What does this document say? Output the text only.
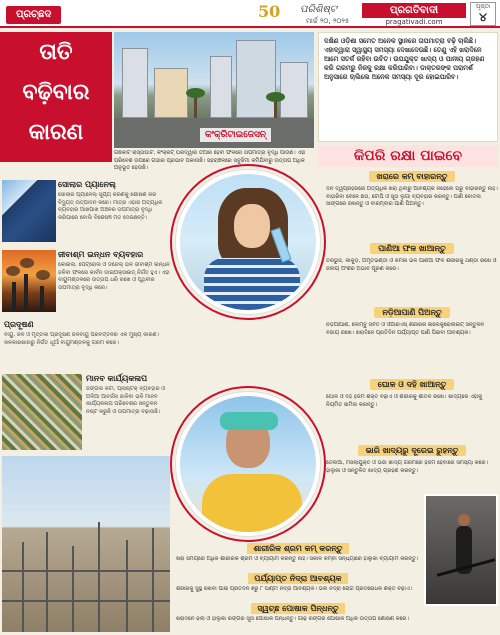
ପ୍ରଚ୍ଛଦ	50 ପରିଶିଷ୍ଟ
ମାର୍ଚ୍ଚ ୨୦, ୨୦୨୫
ପ୍ରଗତିବାଦୀ
pragativadi.com
ପୃଷ୍ଠା
୪
ତାତି
ବଢ଼ିବାର
କାରଣ	କଂକ୍ରିଟାଇଜେସନ୍
ଗଛକାଟି ରାସ୍ତାଘାଟ, କଂକ୍ରିଟ୍ ଘରଦ୍ୱାର ତିଆରି ହେବା ଫଳରେ ତାପମାତ୍ରା ବୃଦ୍ଧି ପାଉଛି। ଏହା ପରିବେଶ ଉପରେ ଗଭୀର ପ୍ରଭାବ ପକାଉଛି। ସହରାଞ୍ଚଳରେ ସବୁଜିମା କମିଯିବାରୁ ଉତ୍ତାପ ଅଧିକ ଅନୁଭୂତ ହେଉଛି।
ଦକ୍ଷିଣ ଓଡ଼ିଶା ସମେତ ଅନେକ ସ୍ଥାନରେ ତାପମାତ୍ରା ବଢ଼ି ଚାଲିଛି। ଏହାଦ୍ୱାରା ସ୍ୱାସ୍ଥ୍ୟ ସମସ୍ୟା ଦେଖାଦେଉଛି। ତେଣୁ ଏହି ଖରାଦିନେ ଆମେ ସତର୍କ ରହିବା ଉଚିତ। ଉପଯୁକ୍ତ ଖାଦ୍ୟ ଓ ପାନୀୟ ଗ୍ରହଣ କରି ଗରମରୁ ନିଜକୁ ରକ୍ଷା କରିପାରିବା। ଡାକ୍ତରଙ୍କ ପରାମର୍ଶ ଅନୁସାରେ ଚାଲିଲେ ଅନେକ ସମସ୍ୟା ଦୂର ହୋଇପାରିବ।
କିପରି ରକ୍ଷା ପାଇବେ
ସୋଲାର ପ୍ୟାନେଲ୍
ସୋଲାର ପ୍ୟାନେଲ୍ ସୂର୍ଯ୍ୟ କିରଣକୁ ଶୋଷଣ କରି ବିଦ୍ୟୁତ୍ ଉତ୍ପାଦନ କରେ। ମାତ୍ର ଏହାର ଅତ୍ୟଧିକ ବ୍ୟବହାର ଆଖପାଖ ଅଞ୍ଚଳର ତାପମାତ୍ରା ବୃଦ୍ଧି କରିପାରେ ବୋଲି ବିଶେଷଜ୍ଞ ମତ ଦେଇଛନ୍ତି।
ଜୀବାଶ୍ମ ଇନ୍ଧନ ବ୍ୟବହାର
କୋଇଲା, ପେଟ୍ରୋଲ ଓ ଡିଜେଲ୍ ଭଳି ଜୀବାଶ୍ମ ଇନ୍ଧନ ଜଳିବା ଫଳରେ କାର୍ବନ ଡାଇଅକ୍ସାଇଡ୍ ନିର୍ଗତ ହୁଏ। ଏହା ବାୟୁମଣ୍ଡଳରେ ଉତ୍ତାପ ଧରି ରଖେ ଓ ପୃଥିବୀର ତାପମାତ୍ରା ବୃଦ୍ଧି କରେ।
ପ୍ରଦୂଷଣ
ବାୟୁ, ଜଳ ଓ ମୃତ୍ତିକା ପ୍ରଦୂଷଣ ଜଳବାୟୁ ପରିବର୍ତ୍ତନର ଏକ ମୁଖ୍ୟ କାରଣ। କଳକାରଖାନାରୁ ନିର୍ଗତ ଧୂଆଁ ବାୟୁମଣ୍ଡଳକୁ ଗରମ କରେ।
ମାନବ କାର୍ଯ୍ୟକଳାପ
ଜଙ୍ଗଲ କଟା, ପ୍ଲାଷ୍ଟିକ୍ ବ୍ୟବହାର ଓ ଅଳିଆ ଆବର୍ଜନା ଜାଳିବା ଭଳି ମାନବ କାର୍ଯ୍ୟକଳାପ ପରିବେଶର ସନ୍ତୁଳନ ନଷ୍ଟ କରୁଛି ଓ ତାପମାତ୍ରା ବଢ଼ାଉଛି।
ଖରାରେ କମ୍ ବାହାରନ୍ତୁ
ଦିନ ଦ୍ୱିପ୍ରହରରେ ଅତ୍ୟଧିକ ଖରା ଥିବାରୁ ଆବଶ୍ୟକ ନହେଲେ ଘରୁ ବାହାରନ୍ତୁ ନାହିଁ। ବାହାରିବା ବେଳେ ଛତା, ଟୋପି ଓ ସୂତା ଲୁଗା ବ୍ୟବହାର କରନ୍ତୁ। ପାଣି ବୋତଲ ସାଙ୍ଗରେ ରଖନ୍ତୁ ଓ ବାରମ୍ବାର ପାଣି ପିଅନ୍ତୁ।
ପାଣିଆ ଫଳ ଖାଆନ୍ତୁ
ତରଭୁଜ, କାକୁଡ଼ି, ଅମୃତଭଣ୍ଡା ଓ କମଳା ଭଳି ପାଣିଆ ଫଳ ଶରୀରକୁ ଥଣ୍ଡା ରଖେ ଓ ଜଳୀୟ ଅଂଶର ଅଭାବ ପୂରଣ କରେ।
ନଡ଼ିଆପାଣି ପିଅନ୍ତୁ
ନଡ଼ିଆପାଣି, ଲେମ୍ବୁ ସର୍ବତ ଓ ଓଆରଏସ୍ ଶରୀରର ଇଲେକ୍ଟ୍ରୋଲାଇଟ୍ ସନ୍ତୁଳନ ବଜାୟ ରଖେ। ଖରାଦିନେ ପ୍ରତିଦିନ ପର୍ଯ୍ୟାପ୍ତ ପାଣି ପିଇବା ଆବଶ୍ୟକ।
ଘୋଳ ଓ ଦହି ଖାଆନ୍ତୁ
ଘୋଳ ଓ ଦହି ହଜମ ଶକ୍ତି ବଢ଼ାଏ ଓ ଶରୀରକୁ ଶୀତଳ ରଖେ। ଖାଦ୍ୟରେ ଏହାକୁ ନିୟମିତ ସାମିଲ କରନ୍ତୁ।
ଭାରି ଖାଦ୍ୟରୁ ଦୂରେଇ ରୁହନ୍ତୁ
ତେଲିଆ, ମସଲାଯୁକ୍ତ ଓ ଭଜା ଖାଦ୍ୟ ଗରମରେ ହଜମ ହେବାରେ ସମସ୍ୟା କରେ। ହାଲୁକା ଓ ସନ୍ତୁଳିତ ଖାଦ୍ୟ ଗ୍ରହଣ କରନ୍ତୁ।
ଶାରୀରିକ ଶ୍ରମ କମ୍ କରନ୍ତୁ
ଖରା ସମୟରେ ଅଧିକ ଶାରୀରିକ ଶ୍ରମ ଓ ବ୍ୟାୟାମ କରନ୍ତୁ ନାହିଁ। ସକାଳ କିମ୍ବା ସନ୍ଧ୍ୟାରେ ହାଲୁକା ବ୍ୟାୟାମ କରନ୍ତୁ।
ପର୍ଯ୍ୟାପ୍ତ ନିଦ୍ରା ଆବଶ୍ୟକ
ଶରୀରକୁ ସୁସ୍ଥ ରଖିବା ପାଇଁ ପ୍ରତିଦିନ ୭ରୁ ୮ ଘଣ୍ଟା ନିଦ୍ରା ଆବଶ୍ୟକ। ଭଲ ନିଦ୍ରା ରୋଗ ପ୍ରତିରୋଧକ ଶକ୍ତି ବଢ଼ାଏ।
ସ୍ୱଚ୍ଛ ପୋଷାକ ପିନ୍ଧନ୍ତୁ
ଖରାଦିନେ ଢିଲା ଓ ହାଲୁକା ରଙ୍ଗର ସୂତା ପୋଷାକ ପିନ୍ଧନ୍ତୁ। ଗାଢ଼ ରଙ୍ଗର ପୋଷାକ ଅଧିକ ଉତ୍ତାପ ଶୋଷଣ କରେ।
